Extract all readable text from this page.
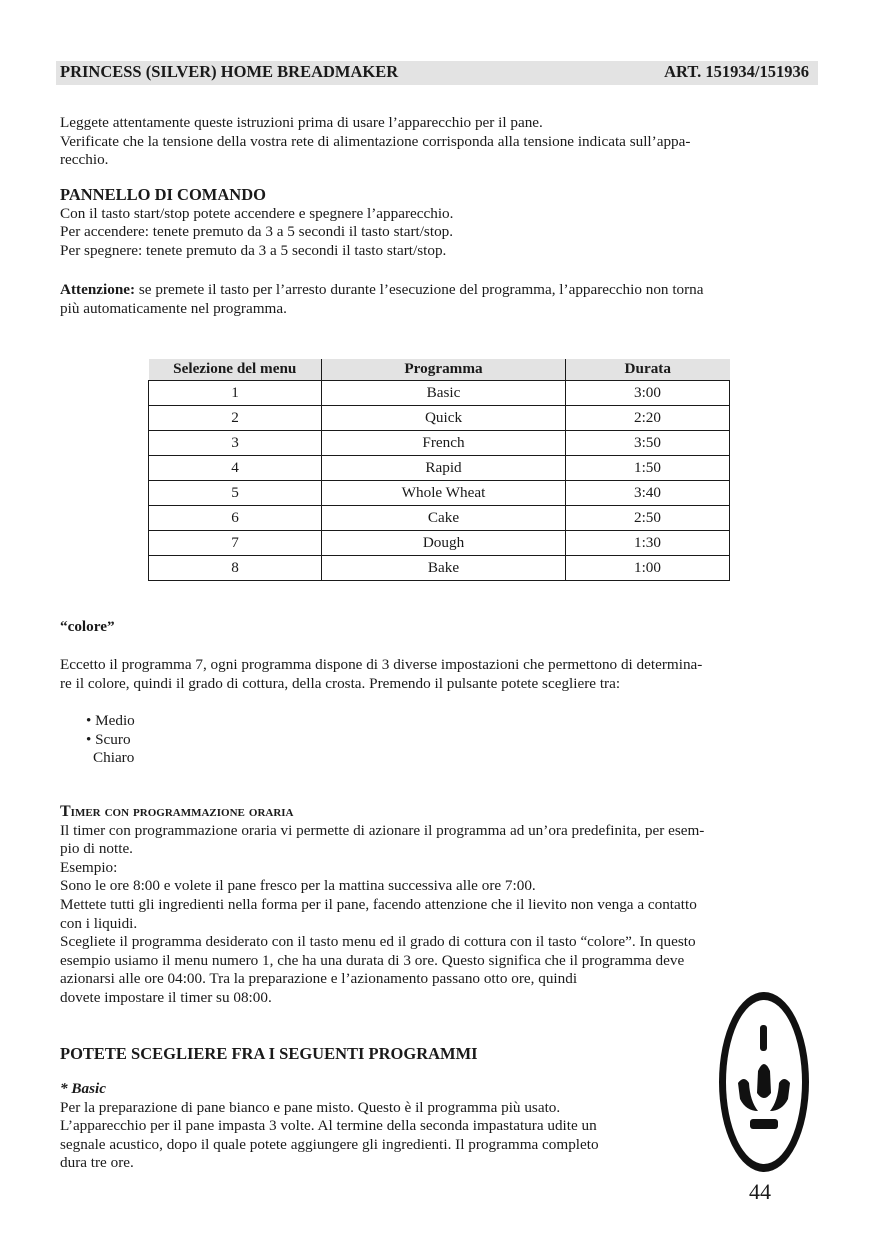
PRINCESS (SILVER) HOME BREADMAKER	ART. 151934/151936
Leggete attentamente queste istruzioni prima di usare l’apparecchio per il pane.
Verificate che la tensione della vostra rete di alimentazione corrisponda alla tensione indicata sull’appa-
recchio.
PANNELLO DI COMANDO
Con il tasto start/stop potete accendere e spegnere l’apparecchio.
Per accendere: tenete premuto da 3 a 5 secondi il tasto start/stop.
Per spegnere: tenete premuto da 3 a 5 secondi il tasto start/stop.
Attenzione: se premete il tasto per l’arresto durante l’esecuzione del programma, l’apparecchio non torna
più automaticamente nel programma.
Selezione del menu	Programma	Durata
1	Basic	3:00
2	Quick	2:20
3	French	3:50
4	Rapid	1:50
5	Whole Wheat	3:40
6	Cake	2:50
7	Dough	1:30
8	Bake	1:00
“colore”
Eccetto il programma 7, ogni programma dispone di 3 diverse impostazioni che permettono di determina-
re il colore, quindi il grado di cottura, della crosta. Premendo il pulsante potete scegliere tra:
• Medio
• Scuro
Chiaro
Timer con programmazione oraria
Il timer con programmazione oraria vi permette di azionare il programma ad un’ora predefinita, per esem-
pio di notte.
Esempio:
Sono le ore 8:00 e volete il pane fresco per la mattina successiva alle ore 7:00.
Mettete tutti gli ingredienti nella forma per il pane, facendo attenzione che il lievito non venga a contatto
con i liquidi.
Scegliete il programma desiderato con il tasto menu ed il grado di cottura con il tasto “colore”. In questo
esempio usiamo il menu numero 1, che ha una durata di 3 ore. Questo significa che il programma deve
azionarsi alle ore 04:00. Tra la preparazione e l’azionamento passano otto ore, quindi
dovete impostare il timer su 08:00.
POTETE SCEGLIERE FRA I SEGUENTI PROGRAMMI
* Basic
Per la preparazione di pane bianco e pane misto. Questo è il programma più usato.
L’apparecchio per il pane impasta 3 volte. Al termine della seconda impastatura udite un
segnale acustico, dopo il quale potete aggiungere gli ingredienti. Il programma completo
dura tre ore.
44
